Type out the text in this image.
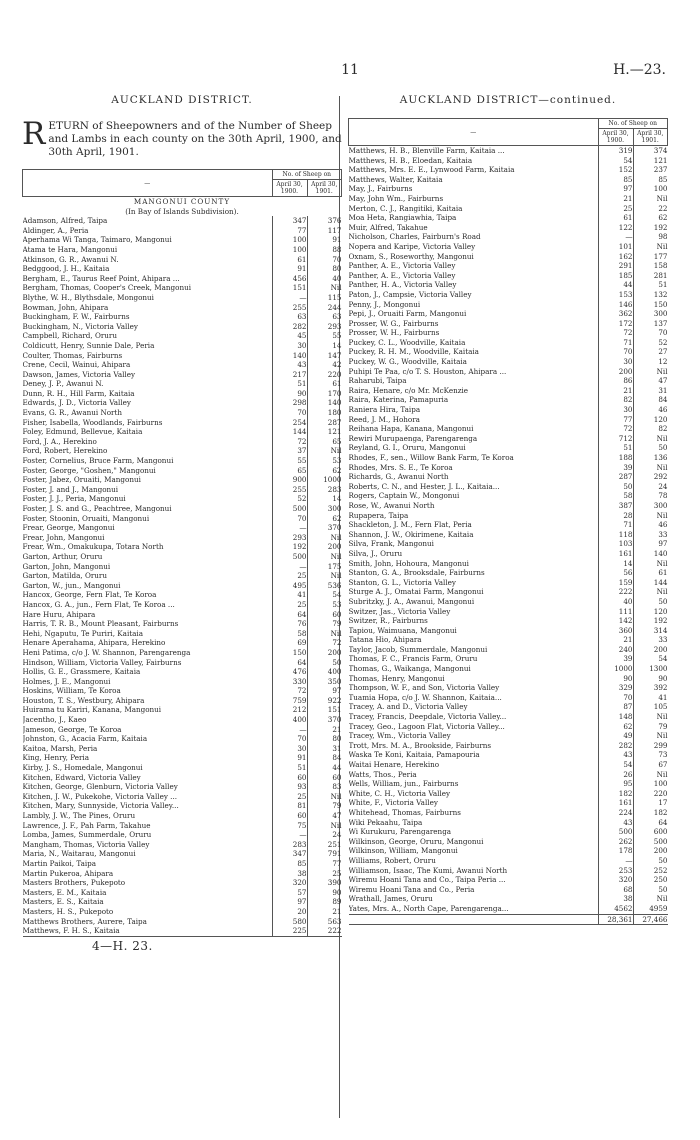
11	H.—23.
AUCKLAND DISTRICT.

RETURN of Sheepowners and of the Number of Sheep and Lambs in each county on the 30th April, 1900, and 30th April, 1901.

—	No. of Sheep on	
	April 30, 1900.	April 30, 1901.
MANGONUI COUNTY		
(In Bay of Islands Subdivision).		
Adamson, Alfred, Taipa	347	376
Aldinger, A., Peria	77	117
Aperhama Wi Tanga, Taimaro, Mangonui	100	91
Atama te Hara, Mangonui	100	88
Atkinson, G. R., Awanui N.	61	70
Bedggood, J. H., Kaitaia	91	80
Bergham, E., Taurus Reef Point, Ahipara ...	456	40
Bergham, Thomas, Cooper's Creek, Mangonui	151	Nil
Blythe, W. H., Blythsdale, Mongonui	—	115
Bowman, John, Ahipara	255	244
Buckingham, F. W., Fairburns	63	63
Buckingham, N., Victoria Valley	282	293
Campbell, Richard, Oruru	45	55
Coldicutt, Henry, Sunnie Dale, Peria	30	14
Coulter, Thomas, Fairburns	140	147
Crene, Cecil, Wainui, Ahipara	43	42
Dawson, James, Victoria Valley	217	220
Deney, J. P., Awanui N.	51	61
Dunn, R. H., Hill Farm, Kaitaia	90	170
Edwards, J. D., Victoria Valley	298	140
Evans, G. R., Awanui North	70	180
Fisher, Isabella, Woodlands, Fairburns	254	287
Foley, Edmund, Bellevue, Kaitaia	144	121
Ford, J. A., Herekino	72	65
Ford, Robert, Herekino	37	Nil
Foster, Cornelius, Bruce Farm, Mangonui	55	53
Foster, George, "Goshen," Mangonui	65	62
Foster, Jabez, Oruaiti, Mangonui	900	1000
Foster, J. and J., Mangonui	255	283
Foster, J. J., Peria, Mangonui	52	14
Foster, J. S. and G., Peachtree, Mangonui	500	300
Foster, Stoonin, Oruaiti, Mangonui	70	62
Frear, George, Mangonui	—	370
Frear, John, Mangonui	293	Nil
Frear, Wm., Omakukupa, Totara North	192	200
Garton, Arthur, Oruru	500	Nil
Garton, John, Mangonui	—	175
Garton, Matilda, Oruru	25	Nil
Garton, W., jun., Mangonui	495	536
Hancox, George, Fern Flat, Te Koroa	41	54
Hancox, G. A., jun., Fern Flat, Te Koroa ...	25	53
Hare Huru, Ahipara	64	60
Harris, T. R. B., Mount Pleasant, Fairburns	76	79
Hehi, Ngaputu, Te Puriri, Kaitaia	58	Nil
Henare Aperahama, Ahipara, Herekino	69	72
Heni Patima, c/o J. W. Shannon, Parengarenga	150	200
Hindson, William, Victoria Valley, Fairburns	64	50
Hollis, G. E., Grassmere, Kaitaia	476	400
Holmes, J. E., Mangonui	330	350
Hoskins, William, Te Koroa	72	97
Houston, T. S., Westbury, Ahipara	759	922
Huirama tu Kariri, Kanana, Mangonui	212	151
Jacentho, J., Kaeo	400	370
Jameson, George, Te Koroa	—	21
Johnston, G., Acacia Farm, Kaitaia	70	80
Kaitoa, Marsh, Peria	30	31
King, Henry, Peria	91	84
Kirby, J. S., Homedale, Mangonui	51	44
Kitchen, Edward, Victoria Valley	60	60
Kitchen, George, Glenburn, Victoria Valley	93	83
Kitchen, J. W., Pukekohe, Victoria Valley ...	25	Nil
Kitchen, Mary, Sunnyside, Victoria Valley...	81	79
Lambly, J. W., The Pines, Oruru	60	47
Lawrence, J. F., Pah Farm, Takahue	75	Nil
Lomba, James, Summerdale, Oruru	—	24
Mangham, Thomas, Victoria Valley	283	251
Maria, N., Waitarau, Mangonui	347	791
Martin Paikoi, Taipa	85	77
Martin Pukeroa, Ahipara	38	25
Masters Brothers, Pukepoto	320	390
Masters, E. M., Kaitaia	57	90
Masters, E. S., Kaitaia	97	89
Masters, H. S., Pukepoto	20	21
Matthews Brothers, Aurere, Taipa	580	563
Matthews, F. H. S., Kaitaia	225	222
4—H. 23.
AUCKLAND DISTRICT—continued.
—	No. of Sheep on	
	April 30, 1900.	April 30, 1901.
Matthews, H. B., Blenville Farm, Kaitaia ...	319	374
Matthews, H. B., Eloedan, Kaitaia	54	121
Matthews, Mrs. E. E., Lynwood Farm, Kaitaia	152	237
Matthews, Walter, Kaitaia	85	85
May, J., Fairburns	97	100
May, John Wm., Fairburns	21	Nil
Merton, C. J., Rangitiki, Kaitaia	25	22
Moa Heta, Rangiawhia, Taipa	61	62
Muir, Alfred, Takahue	122	192
Nicholson, Charles, Fairburn's Road	—	98
Nopera and Karipe, Victoria Valley	101	Nil
Oxnam, S., Roseworthy, Mangonui	162	177
Panther, A. E., Victoria Valley	291	158
Panther, A. E., Victoria Valley	185	281
Panther, H. A., Victoria Valley	44	51
Paton, J., Campsie, Victoria Valley	153	132
Penny, J., Mongonui	146	150
Pepi, J., Oruaiti Farm, Mangonui	362	300
Prosser, W. G., Fairburns	172	137
Prosser, W. H., Fairburns	72	70
Puckey, C. L., Woodville, Kaitaia	71	52
Puckey, R. H. M., Woodville, Kaitaia	70	27
Puckey, W. G., Woodville, Kaitaia	30	12
Puhipi Te Paa, c/o T. S. Houston, Ahipara ...	200	Nil
Raharubi, Taipa	86	47
Raira, Henare, c/o Mr. McKenzie	21	31
Raira, Katerina, Pamapuria	82	84
Raniera Hira, Taipa	30	46
Reed, J. M., Hohora	77	120
Reihana Hapa, Kanana, Mangonui	72	82
Rewiri Murupaenga, Parengarenga	712	Nil
Reyland, G. I., Oruru, Mangonui	51	50
Rhodes, F., sen., Willow Bank Farm, Te Koroa	188	136
Rhodes, Mrs. S. E., Te Koroa	39	Nil
Richards, G., Awanui North	287	292
Roberts, C. N., and Hester, J. L., Kaitaia...	50	24
Rogers, Captain W., Mongonui	58	78
Rose, W., Awanui North	387	300
Rupapera, Taipa	28	Nil
Shackleton, J. M., Fern Flat, Peria	71	46
Shannon, J. W., Okirimene, Kaitaia	118	33
Silva, Frank, Mangonui	103	97
Silva, J., Oruru	161	140
Smith, John, Hohoura, Mangonui	14	Nil
Stanton, G. A., Brooksdale, Fairburns	56	61
Stanton, G. L., Victoria Valley	159	144
Sturge A. J., Omatai Farm, Mangonui	222	Nil
Subritzky, J. A., Awanui, Mangonui	40	50
Switzer, Jas., Victoria Valley	111	120
Switzer, R., Fairburns	142	192
Tapiou, Waimuana, Mangonui	360	314
Tatana Hio, Ahipara	21	33
Taylor, Jacob, Summerdale, Mangonui	240	200
Thomas, F. C., Francis Farm, Oruru	39	54
Thomas, G., Waikanga, Mangonui	1000	1300
Thomas, Henry, Mangonui	90	90
Thompson, W. F., and Son, Victoria Valley	329	392
Tuamia Hopa, c/o J. W. Shannon, Kaitaia...	70	41
Tracey, A. and D., Victoria Valley	87	105
Tracey, Francis, Deepdale, Victoria Valley...	148	Nil
Tracey, Geo., Lagoon Flat, Victoria Valley...	62	79
Tracey, Wm., Victoria Valley	49	Nil
Trott, Mrs. M. A., Brookside, Fairburns	282	299
Waska Te Koni, Kaitaia, Pamapouria	43	73
Waitai Henare, Herekino	54	67
Watts, Thos., Peria	26	Nil
Wells, William, jun., Fairburns	95	100
White, C. H., Victoria Valley	182	220
White, F., Victoria Valley	161	17
Whitehead, Thomas, Fairburns	224	182
Wiki Pekaahu, Taipa	43	64
Wi Kurukuru, Parengarenga	500	600
Wilkinson, George, Oruru, Mangonui	262	500
Wilkinson, William, Mangonui	178	200
Williams, Robert, Oruru	—	50
Williamson, Isaac, The Kumi, Awanui North	253	252
Wiremu Hoani Tana and Co., Taipa Peria ...	320	250
Wiremu Hoani Tana and Co., Peria	68	50
Wrathall, James, Oruru	38	Nil
Yates, Mrs. A., North Cape, Parengarenga...	4562	4959
	28,361	27,466
